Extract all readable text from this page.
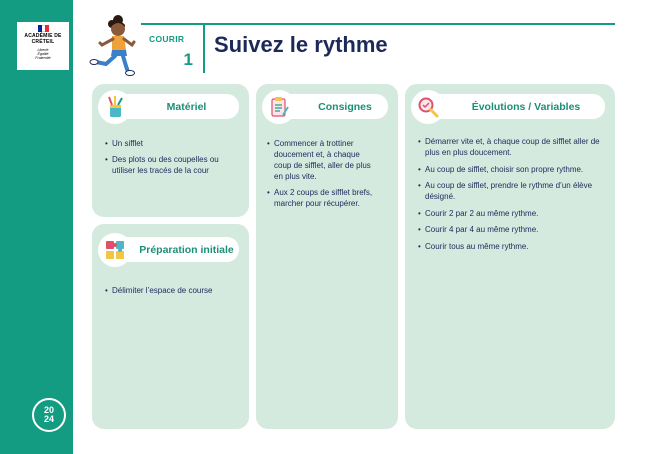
ACADÉMIE DE CRÉTEIL
Liberté
Égalité
Fraternité
20
24
COURIR
1
Suivez le rythme
Matériel
• Un sifflet
• Des plots ou des coupelles ou utiliser les tracés de la cour
Préparation initiale
• Délimiter l’espace de course
Consignes
• Commencer à trottiner doucement et, à chaque coup de sifflet, aller de plus en plus vite.
• Aux 2 coups de sifflet brefs, marcher pour récupérer.
Évolutions / Variables
• Démarrer vite et, à chaque coup de sifflet aller de plus en plus doucement.
• Au coup de sifflet, choisir son propre rythme.
• Au coup de sifflet, prendre le rythme d’un élève désigné.
• Courir 2 par 2 au même rythme.
• Courir 4 par 4 au même rythme.
• Courir tous au même rythme.
